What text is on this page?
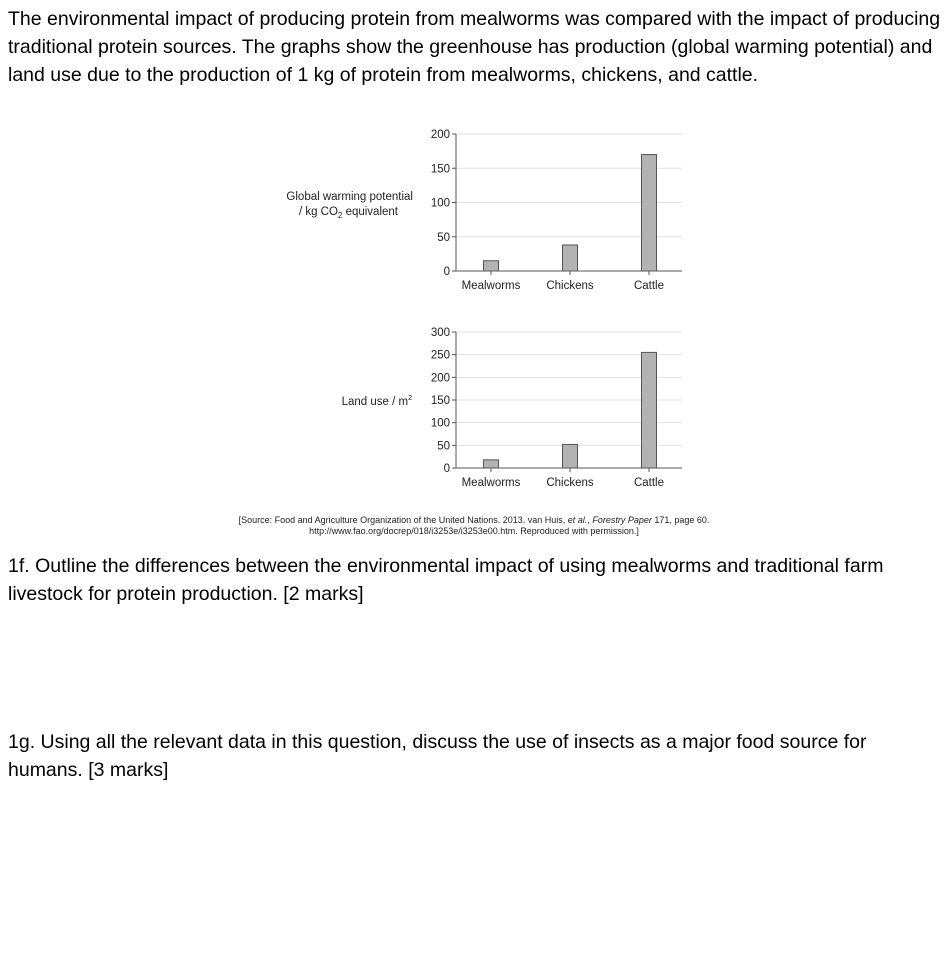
The environmental impact of producing protein from mealworms was compared with the impact of producing traditional protein sources. The graphs show the greenhouse has production (global warming potential) and land use due to the production of 1 kg of protein from mealworms, chickens, and cattle.

Global warming potential
/ kg $CO_2$ equivalent
0
50
100
150
200
Mealworms Chickens	Cattle
Land use / $m^2$
0
50
100
150
200
250
300
Mealworms Chickens	Cattle
[Source: Food and Agriculture Organization of the United Nations. 2013. van Huis, et al., Forestry Paper 171, page 60.
http://www.fao.org/docrep/018/i3253e/i3253e00.htm. Reproduced with permission.]

1f. Outline the differences between the environmental impact of using mealworms and traditional farm livestock for protein production. [2 marks]

1g. Using all the relevant data in this question, discuss the use of insects as a major food source for humans. [3 marks]
